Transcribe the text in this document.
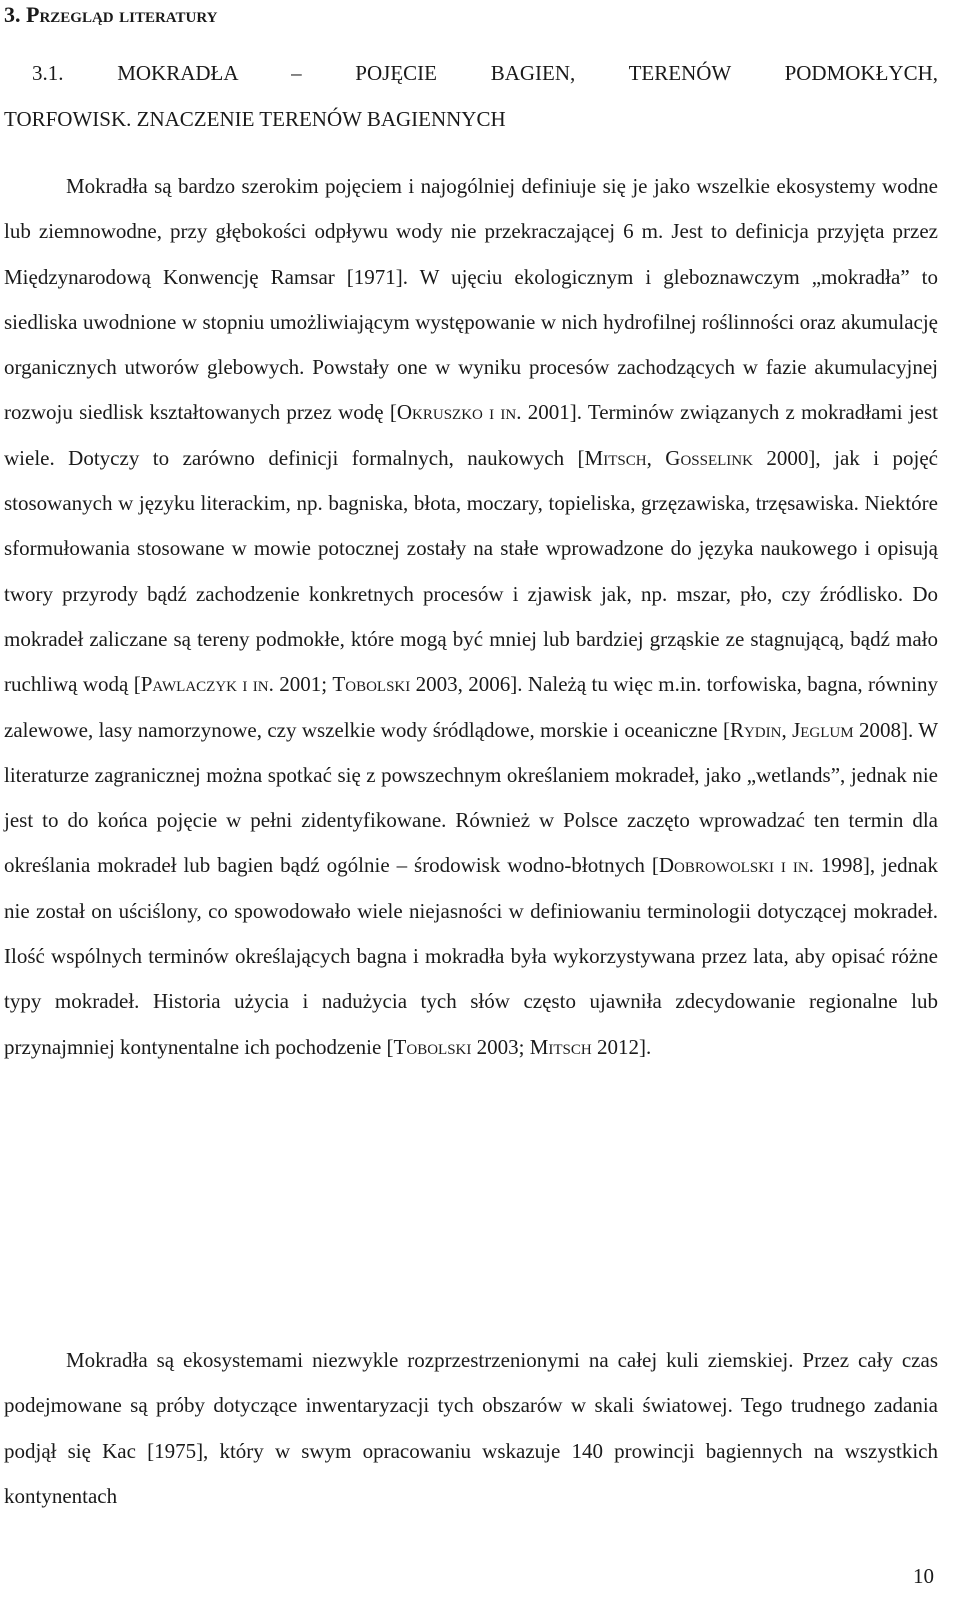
3. Przegląd literatury
3.1. MOKRADŁA – POJĘCIE BAGIEN, TERENÓW PODMOKŁYCH,
TORFOWISK. ZNACZENIE TERENÓW BAGIENNYCH

Mokradła są bardzo szerokim pojęciem i najogólniej definiuje się je jako wszelkie ekosystemy wodne lub ziemnowodne, przy głębokości odpływu wody nie przekraczającej 6 m. Jest to definicja przyjęta przez Międzynarodową Konwencję Ramsar [1971]. W ujęciu ekologicznym i gleboznawczym „mokradła” to siedliska uwodnione w stopniu umożliwiającym występowanie w nich hydrofilnej roślinności oraz akumulację organicznych utworów glebowych. Powstały one w wyniku procesów zachodzących w fazie akumulacyjnej rozwoju siedlisk kształtowanych przez wodę [Okruszko i in. 2001]. Terminów związanych z mokradłami jest wiele. Dotyczy to zarówno definicji formalnych, naukowych [Mitsch, Gosselink 2000], jak i pojęć stosowanych w języku literackim, np. bagniska, błota, moczary, topieliska, grzęzawiska, trzęsawiska. Niektóre sformułowania stosowane w mowie potocznej zostały na stałe wprowadzone do języka naukowego i opisują twory przyrody bądź zachodzenie konkretnych procesów i zjawisk jak, np. mszar, pło, czy źródlisko. Do mokradeł zaliczane są tereny podmokłe, które mogą być mniej lub bardziej grząskie ze stagnującą, bądź mało ruchliwą wodą [Pawlaczyk i in. 2001; Tobolski 2003, 2006]. Należą tu więc m.in. torfowiska, bagna, równiny zalewowe, lasy namorzynowe, czy wszelkie wody śródlądowe, morskie i oceaniczne [Rydin, Jeglum 2008]. W literaturze zagranicznej można spotkać się z powszechnym określaniem mokradeł, jako „wetlands”, jednak nie jest to do końca pojęcie w pełni zidentyfikowane. Również w Polsce zaczęto wprowadzać ten termin dla określania mokradeł lub bagien bądź ogólnie – środowisk wodno-błotnych [Dobrowolski i in. 1998], jednak nie został on uściślony, co spowodowało wiele niejasności w definiowaniu terminologii dotyczącej mokradeł. Ilość wspólnych terminów określających bagna i mokradła była wykorzystywana przez lata, aby opisać różne typy mokradeł. Historia użycia i nadużycia tych słów często ujawniła zdecydowanie regionalne lub przynajmniej kontynentalne ich pochodzenie [Tobolski 2003; Mitsch 2012].

Mokradła są ekosystemami niezwykle rozprzestrzenionymi na całej kuli ziemskiej. Przez cały czas podejmowane są próby dotyczące inwentaryzacji tych obszarów w skali światowej. Tego trudnego zadania podjął się Kac [1975], który w swym opracowaniu wskazuje 140 prowincji bagiennych na wszystkich kontynentach

10
